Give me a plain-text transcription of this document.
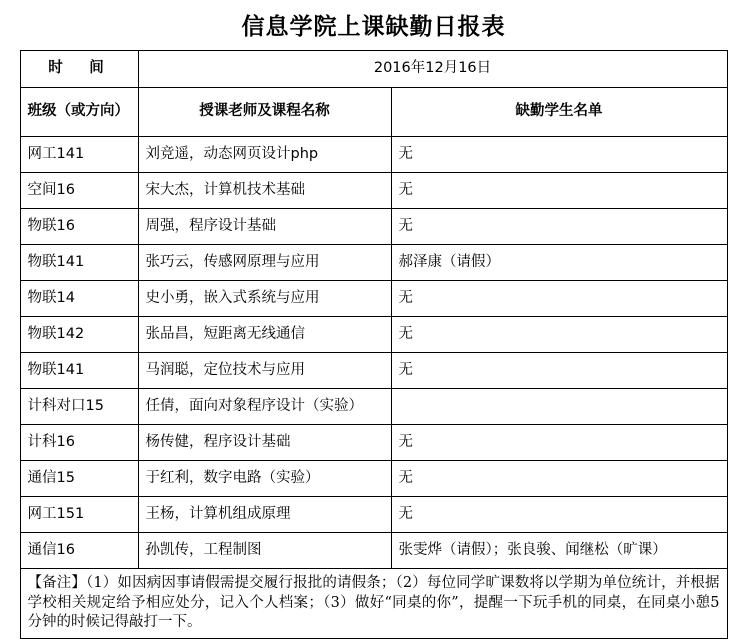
信息学院上课缺勤日报表
时　间	2016年12月16日	
班级（或方向）	授课老师及课程名称	缺勤学生名单
网工141	刘竞遥，动态网页设计php	无
空间16	宋大杰，计算机技术基础	无
物联16	周强，程序设计基础	无
物联141	张巧云，传感网原理与应用	郝泽康（请假）
物联14	史小勇，嵌入式系统与应用	无
物联142	张品昌，短距离无线通信	无
物联141	马润聪，定位技术与应用	无
计科对口15	任倩，面向对象程序设计（实验）	
计科16	杨传健，程序设计基础	无
通信15	于红利，数字电路（实验）	无
网工151	王杨，计算机组成原理	无
通信16	孙凯传，工程制图	张雯烨（请假）；张良骏、闻继松（旷课）
【备注】（1）如因病因事请假需提交履行报批的请假条；（2）每位同学旷课数将以学期为单位统计，并根据学校相关规定给予相应处分，记入个人档案；（3）做好“同桌的你”，提醒一下玩手机的同桌，在同桌小憩5分钟的时候记得敲打一下。		
